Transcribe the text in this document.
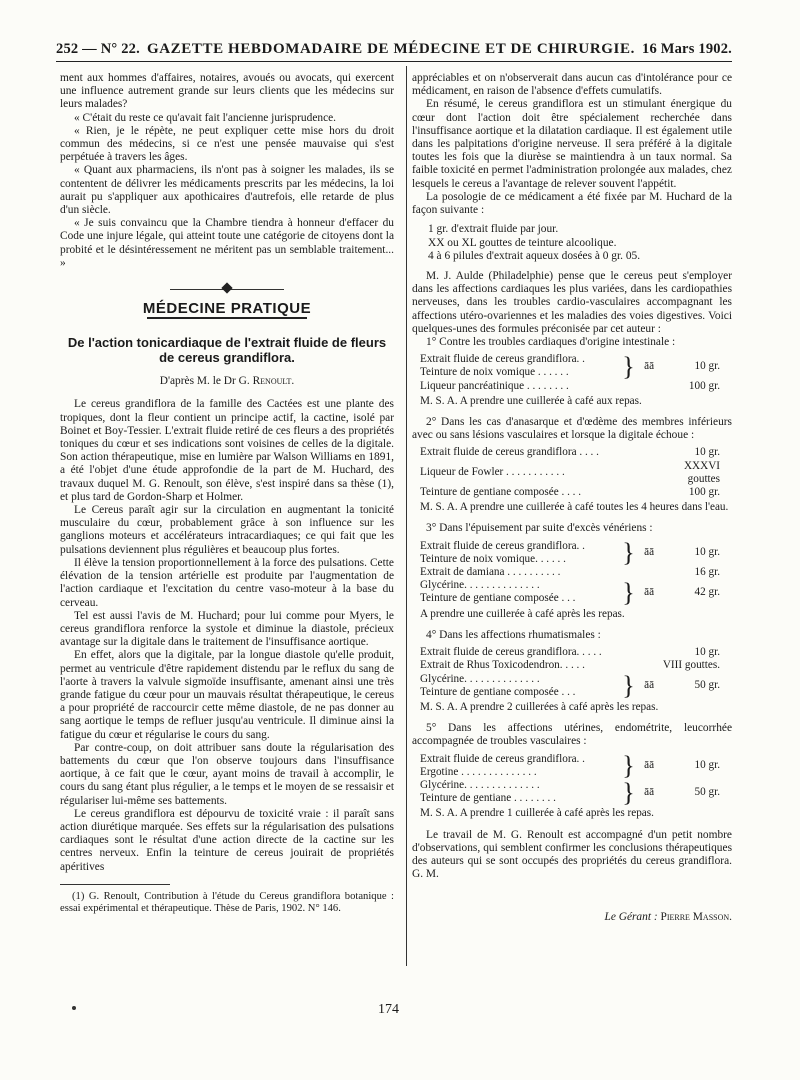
252 — N° 22. GAZETTE HEBDOMADAIRE DE MÉDECINE ET DE CHIRURGIE. 16 Mars 1902.

ment aux hommes d'affaires, notaires, avoués ou avocats, qui exercent une influence autrement grande sur leurs clients que les médecins sur leurs malades?

« C'était du reste ce qu'avait fait l'ancienne jurisprudence.

« Rien, je le répète, ne peut expliquer cette mise hors du droit commun des médecins, si ce n'est une pensée mauvaise qui s'est perpétuée à travers les âges.

« Quant aux pharmaciens, ils n'ont pas à soigner les malades, ils se contentent de délivrer les médicaments prescrits par les médecins, la loi aurait pu s'appliquer aux apothicaires d'autrefois, elle retarde de plus d'un siècle.

« Je suis convaincu que la Chambre tiendra à honneur d'effacer du Code une injure légale, qui atteint toute une catégorie de citoyens dont la probité et le désintéressement ne méritent pas un semblable traitement... »

MÉDECINE PRATIQUE
De l'action tonicardiaque de l'extrait fluide de fleurs de cereus grandiflora.
D'après M. le Dr G. Renoult.

Le cereus grandiflora de la famille des Cactées est une plante des tropiques, dont la fleur contient un principe actif, la cactine, isolé par Boinet et Boy-Tessier. L'extrait fluide retiré de ces fleurs a des propriétés toniques du cœur et ses indications sont voisines de celles de la digitale. Son action thérapeutique, mise en lumière par Walson Williams en 1891, a été l'objet d'une étude approfondie de la part de M. Huchard, des travaux duquel M. G. Renoult, son élève, s'est inspiré dans sa thèse (1), et plus tard de Gordon-Sharp et Holmer.

Le Cereus paraît agir sur la circulation en augmentant la tonicité musculaire du cœur, probablement grâce à son influence sur les ganglions moteurs et accélérateurs intracardiaques; ce qui fait que les pulsations deviennent plus régulières et beaucoup plus fortes.

Il élève la tension proportionnellement à la force des pulsations. Cette élévation de la tension artérielle est produite par l'augmentation de l'action cardiaque et l'excitation du centre vaso-moteur à la base du cerveau.

Tel est aussi l'avis de M. Huchard; pour lui comme pour Myers, le cereus grandiflora renforce la systole et diminue la diastole, précieux avantage sur la digitale dans le traitement de l'insuffisance aortique.

En effet, alors que la digitale, par la longue diastole qu'elle produit, permet au ventricule d'être rapidement distendu par le reflux du sang de l'aorte à travers la valvule sigmoïde insuffisante, amenant ainsi une très grande fatigue du cœur pour un mauvais résultat thérapeutique, le cereus a pour propriété de raccourcir cette même diastole, de ne pas donner au sang aortique le temps de refluer jusqu'au ventricule. Il diminue ainsi la fatigue du cœur et régularise le cours du sang.

Par contre-coup, on doit attribuer sans doute la régularisation des battements du cœur que l'on observe toujours dans l'insuffisance aortique, à ce fait que le cœur, ayant moins de travail à accomplir, le cours du sang étant plus régulier, a le temps et le moyen de se ressaisir et régulariser lui-même ses battements.

Le cereus grandiflora est dépourvu de toxicité vraie : il paraît sans action diurétique marquée. Ses effets sur la régularisation des pulsations cardiaques sont le résultat d'une action directe de la cactine sur les centres nerveux. Enfin la teinture de cereus jouirait de propriétés apéritives

(1) G. Renoult, Contribution à l'étude du Cereus grandiflora botanique : essai expérimental et thérapeutique. Thèse de Paris, 1902. N° 146.

appréciables et on n'observerait dans aucun cas d'intolérance pour ce médicament, en raison de l'absence d'effets cumulatifs.

En résumé, le cereus grandiflora est un stimulant énergique du cœur dont l'action doit être spécialement recherchée dans l'insuffisance aortique et la dilatation cardiaque. Il est également utile dans les palpitations d'origine nerveuse. Il sera préféré à la digitale toutes les fois que la diurèse se maintiendra à un taux normal. Sa faible toxicité en permet l'administration prolongée aux malades, chez lesquels le cereus a l'avantage de relever souvent l'appétit.

La posologie de ce médicament a été fixée par M. Huchard de la façon suivante :

1 gr. d'extrait fluide par jour.
XX ou XL gouttes de teinture alcoolique.
4 à 6 pilules d'extrait aqueux dosées à 0 gr. 05.

M. J. Aulde (Philadelphie) pense que le cereus peut s'employer dans les affections cardiaques les plus variées, dans les cardiopathies nerveuses, dans les troubles cardio-vasculaires accompagnant les affections utéro-ovariennes et les maladies des voies digestives. Voici quelques-unes des formules préconisée par cet auteur :

1° Contre les troubles cardiaques d'origine intestinale :

Extrait fluide de cereus grandiflora. .	}	āā	10 gr.
Teinture de noix vomique . . . . . .			
Liqueur pancréatinique . . . . . . . .			100 gr.
M. S. A. A prendre une cuillerée à café aux repas.

2° Dans les cas d'anasarque et d'œdème des membres inférieurs avec ou sans lésions vasculaires et lorsque la digitale échoue :

Extrait fluide de cereus grandiflora . . . .			10 gr.
Liqueur de Fowler . . . . . . . . . . .			XXXVI gouttes
Teinture de gentiane composée . . . .			100 gr.
M. S. A. A prendre une cuillerée à café toutes les 4 heures dans l'eau.

3° Dans l'épuisement par suite d'excès vénériens :

Extrait fluide de cereus grandiflora. .	}	āā	10 gr.
Teinture de noix vomique. . . . . .			
Extrait de damiana . . . . . . . . . .			16 gr.
Glycérine. . . . . . . . . . . . . .	}	āā	42 gr.
Teinture de gentiane composée . . .			
A prendre une cuillerée à café après les repas.

4° Dans les affections rhumatismales :

Extrait fluide de cereus grandiflora. . . . .			10 gr.
Extrait de Rhus Toxicodendron. . . . .			VIII gouttes.
Glycérine. . . . . . . . . . . . . .	}	āā	50 gr.
Teinture de gentiane composée . . .			
M. S. A. A prendre 2 cuillerées à café après les repas.

5° Dans les affections utérines, endométrite, leucorrhée accompagnée de troubles vasculaires :

Extrait fluide de cereus grandiflora. .	}	āā	10 gr.
Ergotine . . . . . . . . . . . . . .			
Glycérine. . . . . . . . . . . . . .	}	āā	50 gr.
Teinture de gentiane . . . . . . . .			
M. S. A. A prendre 1 cuillerée à café après les repas.

Le travail de M. G. Renoult est accompagné d'un petit nombre d'observations, qui semblent confirmer les conclusions thérapeutiques des auteurs qui se sont occupés des propriétés du cereus grandiflora. G. M.

Le Gérant : Pierre Masson.
174
